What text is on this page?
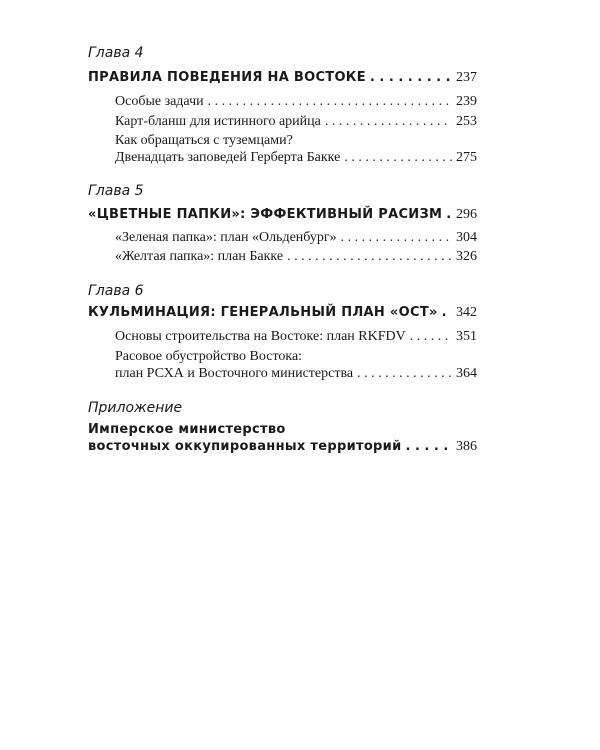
Глава 4
ПРАВИЛА ПОВЕДЕНИЯ НА ВОСТОКЕ . . .	237
Особые задачи . . .	239
Карт-бланш для истинного арийца . . .	253
Как обращаться с туземцами?
Двенадцать заповедей Герберта Бакке . . .	275
Глава 5
«ЦВЕТНЫЕ ПАПКИ»: ЭФФЕКТИВНЫЙ РАСИЗМ . . . 296
«Зеленая папка»: план «Ольденбург» . . .	304
«Желтая папка»: план Бакке . . .	326
Глава 6
КУЛЬМИНАЦИЯ: ГЕНЕРАЛЬНЫЙ ПЛАН «ОСТ» . . . 342
Основы строительства на Востоке: план RKFDV . . .	351
Расовое обустройство Востока:
план РСХА и Восточного министерства . . .	364
Приложение
Имперское министерство
восточных оккупированных территорий . . .	386
